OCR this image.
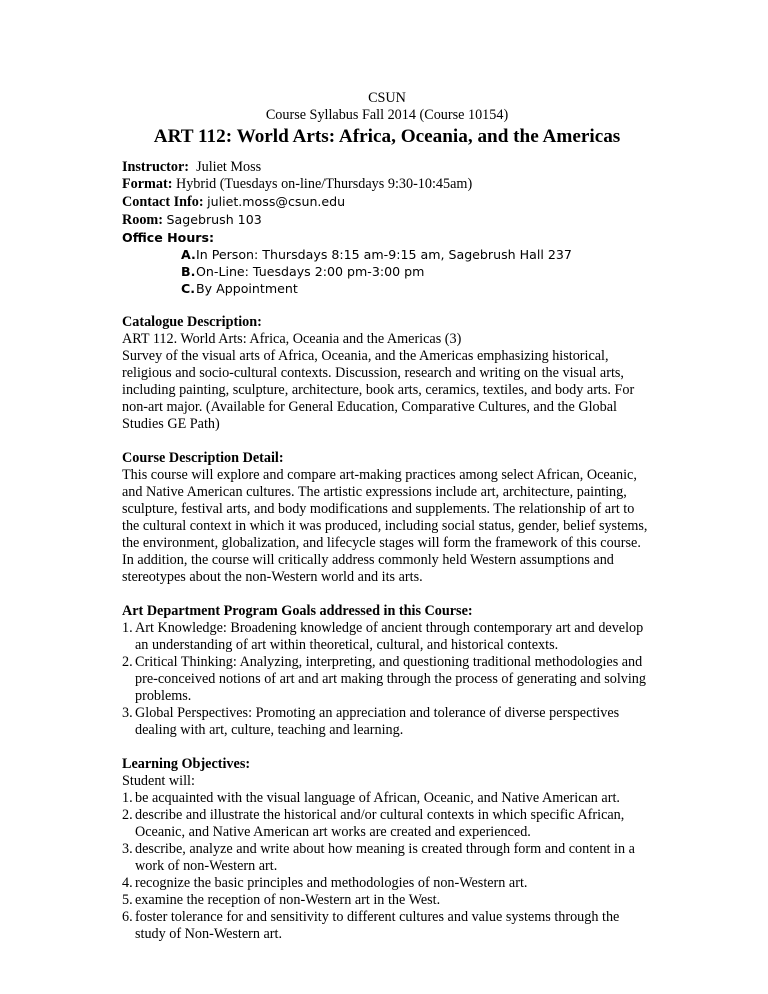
CSUN
Course Syllabus Fall 2014 (Course 10154)
ART 112: World Arts: Africa, Oceania, and the Americas
Instructor: Juliet Moss
Format: Hybrid (Tuesdays on-line/Thursdays 9:30-10:45am)
Contact Info: juliet.moss@csun.edu
Room: Sagebrush 103
Office Hours:
A. In Person: Thursdays 8:15 am-9:15 am, Sagebrush Hall 237
B. On-Line: Tuesdays 2:00 pm-3:00 pm
C. By Appointment
Catalogue Description:

ART 112. World Arts: Africa, Oceania and the Americas (3)

Survey of the visual arts of Africa, Oceania, and the Americas emphasizing historical, religious and socio-cultural contexts. Discussion, research and writing on the visual arts, including painting, sculpture, architecture, book arts, ceramics, textiles, and body arts. For non-art major. (Available for General Education, Comparative Cultures, and the Global Studies GE Path)

Course Description Detail:

This course will explore and compare art-making practices among select African, Oceanic, and Native American cultures. The artistic expressions include art, architecture, painting, sculpture, festival arts, and body modifications and supplements. The relationship of art to the cultural context in which it was produced, including social status, gender, belief systems, the environment, globalization, and lifecycle stages will form the framework of this course. In addition, the course will critically address commonly held Western assumptions and stereotypes about the non-Western world and its arts.

Art Department Program Goals addressed in this Course:
1. Art Knowledge: Broadening knowledge of ancient through contemporary art and develop an understanding of art within theoretical, cultural, and historical contexts.
2. Critical Thinking: Analyzing, interpreting, and questioning traditional methodologies and pre-conceived notions of art and art making through the process of generating and solving problems.
3. Global Perspectives: Promoting an appreciation and tolerance of diverse perspectives dealing with art, culture, teaching and learning.
Learning Objectives:

Student will:

1. be acquainted with the visual language of African, Oceanic, and Native American art.
2. describe and illustrate the historical and/or cultural contexts in which specific African, Oceanic, and Native American art works are created and experienced.
3. describe, analyze and write about how meaning is created through form and content in a work of non-Western art.
4. recognize the basic principles and methodologies of non-Western art.
5. examine the reception of non-Western art in the West.
6. foster tolerance for and sensitivity to different cultures and value systems through the study of Non-Western art.
